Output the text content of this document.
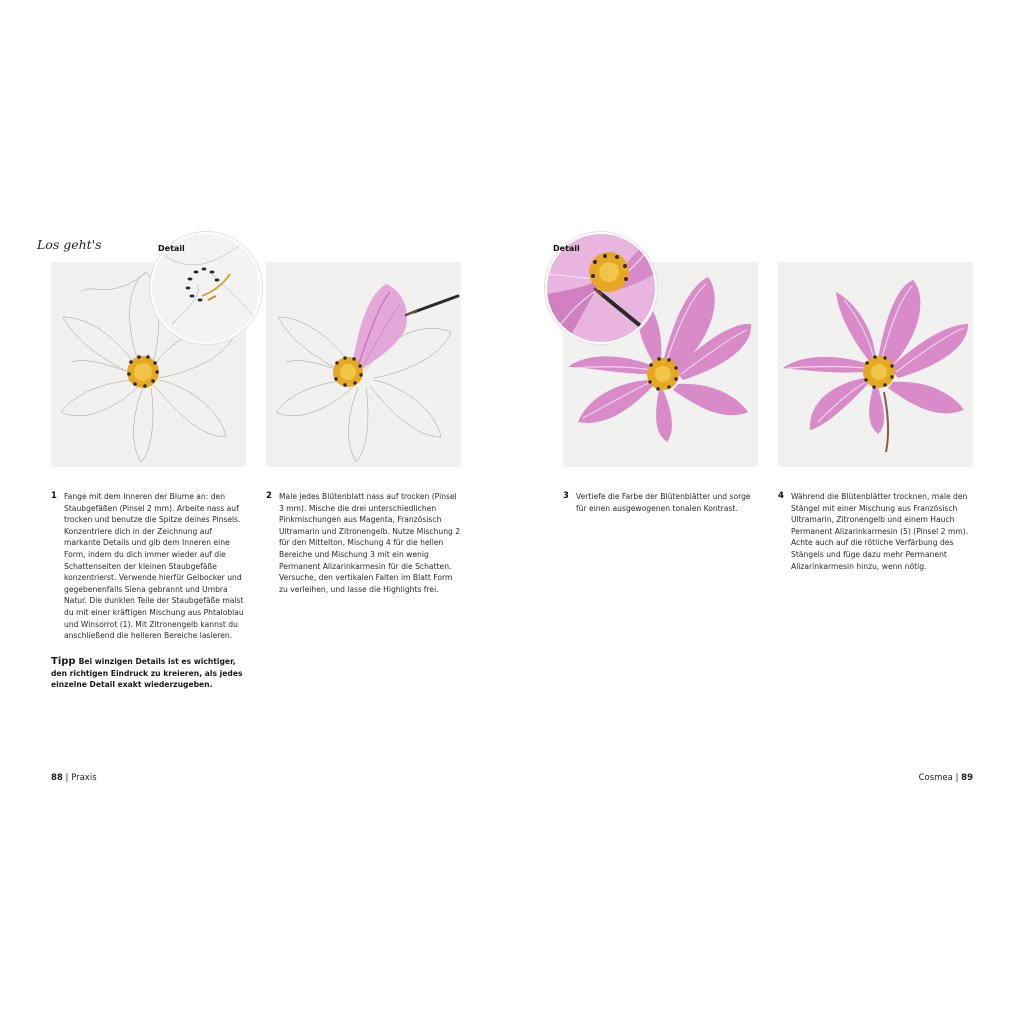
Los geht's	Detail	Detail
1 Fange mit dem Inneren der Blume an: den Staubgefäßen (Pinsel 2 mm). Arbeite nass auf trocken und benutze die Spitze deines Pinsels. Konzentriere dich in der Zeichnung auf markante Details und gib dem Inneren eine Form, indem du dich immer wieder auf die Schattenseiten der kleinen Staubgefäße konzentrierst. Verwende hierfür Gelbocker und gegebenenfalls Siena gebrannt und Umbra Natur. Die dunklen Teile der Staubgefäße malst du mit einer kräftigen Mischung aus Phtaloblau und Winsorrot (1). Mit Zitronengelb kannst du anschließend die helleren Bereiche lasieren.
2 Male jedes Blütenblatt nass auf trocken (Pinsel 3 mm). Mische die drei unterschiedlichen Pinkmischungen aus Magenta, Französisch Ultramarin und Zitronengelb. Nutze Mischung 2 für den Mittelton, Mischung 4 für die hellen Bereiche und Mischung 3 mit ein wenig Permanent Alizarinkarmesin für die Schatten. Versuche, den vertikalen Falten im Blatt Form zu verleihen, und lasse die Highlights frei.
3 Vertiefe die Farbe der Blütenblätter und sorge für einen ausgewogenen tonalen Kontrast.
4 Während die Blütenblätter trocknen, male den Stängel mit einer Mischung aus Französisch Ultramarin, Zitronengelb und einem Hauch Permanent Alizarinkarmesin (5) (Pinsel 2 mm). Achte auch auf die rötliche Verfärbung des Stängels und füge dazu mehr Permanent Alizarinkarmesin hinzu, wenn nötig.
Tipp Bei winzigen Details ist es wichtiger, den richtigen Eindruck zu kreieren, als jedes einzelne Detail exakt wiederzugeben.
88 | Praxis	Cosmea | 89
